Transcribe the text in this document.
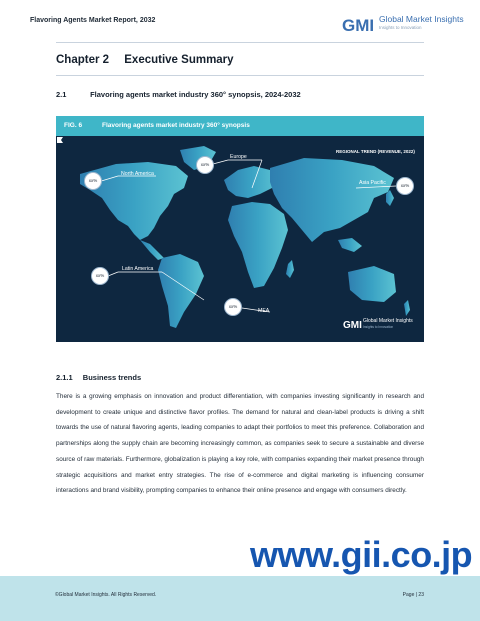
Flavoring Agents Market Report, 2032	GMI Global Market Insights
Insights to Innovation
Chapter 2 Executive Summary
2.1	Flavoring agents market industry 360° synopsis, 2024-2032
FIG. 6	Flavoring agents market industry 360° synopsis
REGIONAL TREND (REVENUE, 2022)
xx%
North America
xx%
Europe
xx%
Asia Pacific
xx%
Latin America
xx%
MEA
GMI Global Market Insights
Insights to Innovation
2.1.1 Business trends
There is a growing emphasis on innovation and product differentiation, with companies investing significantly in research and development to create unique and distinctive flavor profiles. The demand for natural and clean-label products is driving a shift towards the use of natural flavoring agents, leading companies to adapt their portfolios to meet this preference. Collaboration and partnerships along the supply chain are becoming increasingly common, as companies seek to secure a sustainable and diverse source of raw materials. Furthermore, globalization is playing a key role, with companies expanding their market presence through strategic acquisitions and market entry strategies. The rise of e-commerce and digital marketing is influencing consumer interactions and brand visibility, prompting companies to enhance their online presence and engage with consumers directly.
www.gii.co.jp
©Global Market Insights. All Rights Reserved.	Page | 23
